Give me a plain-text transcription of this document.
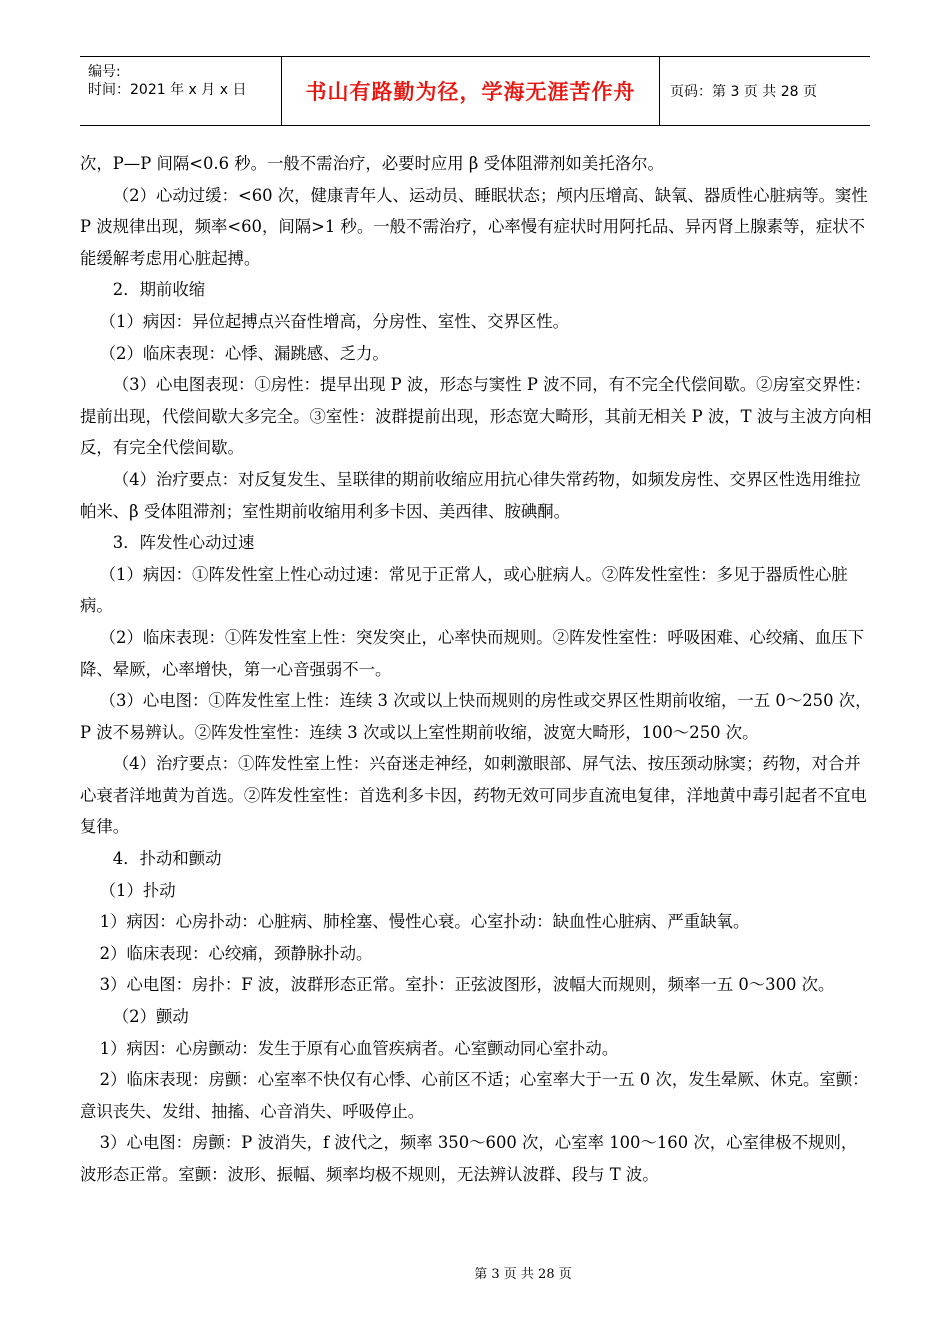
编号:
时间：2021 年 x 月 x 日	书山有路勤为径，学海无涯苦作舟	页码：第 3 页 共 28 页

次，P—P 间隔<0.6 秒。一般不需治疗，必要时应用 β 受体阻滞剂如美托洛尔。

（2）心动过缓：<60 次，健康青年人、运动员、睡眠状态；颅内压增高、缺氧、器质性心脏病等。窦性 P 波规律出现，频率<60，间隔>1 秒。一般不需治疗，心率慢有症状时用阿托品、异丙肾上腺素等，症状不能缓解考虑用心脏起搏。

2．期前收缩

（1）病因：异位起搏点兴奋性增高，分房性、室性、交界区性。

（2）临床表现：心悸、漏跳感、乏力。

（3）心电图表现：①房性：提早出现 P 波，形态与窦性 P 波不同，有不完全代偿间歇。②房室交界性：提前出现，代偿间歇大多完全。③室性：波群提前出现，形态宽大畸形，其前无相关 P 波，T 波与主波方向相反，有完全代偿间歇。

（4）治疗要点：对反复发生、呈联律的期前收缩应用抗心律失常药物，如频发房性、交界区性选用维拉帕米、β 受体阻滞剂；室性期前收缩用利多卡因、美西律、胺碘酮。

3．阵发性心动过速

（1）病因：①阵发性室上性心动过速：常见于正常人，或心脏病人。②阵发性室性：多见于器质性心脏病。

（2）临床表现：①阵发性室上性：突发突止，心率快而规则。②阵发性室性：呼吸困难、心绞痛、血压下降、晕厥，心率增快，第一心音强弱不一。

（3）心电图：①阵发性室上性：连续 3 次或以上快而规则的房性或交界区性期前收缩，一五 0～250 次，P 波不易辨认。②阵发性室性：连续 3 次或以上室性期前收缩，波宽大畸形，100～250 次。

（4）治疗要点：①阵发性室上性：兴奋迷走神经，如刺激眼部、屏气法、按压颈动脉窦；药物，对合并心衰者洋地黄为首选。②阵发性室性：首选利多卡因，药物无效可同步直流电复律，洋地黄中毒引起者不宜电复律。

4．扑动和颤动

（1）扑动

1）病因：心房扑动：心脏病、肺栓塞、慢性心衰。心室扑动：缺血性心脏病、严重缺氧。

2）临床表现：心绞痛，颈静脉扑动。

3）心电图：房扑：F 波，波群形态正常。室扑：正弦波图形，波幅大而规则，频率一五 0～300 次。

（2）颤动

1）病因：心房颤动：发生于原有心血管疾病者。心室颤动同心室扑动。

2）临床表现：房颤：心室率不快仅有心悸、心前区不适；心室率大于一五 0 次，发生晕厥、休克。室颤：意识丧失、发绀、抽搐、心音消失、呼吸停止。

3）心电图：房颤：P 波消失，f 波代之，频率 350～600 次，心室率 100～160 次，心室律极不规则，波形态正常。室颤：波形、振幅、频率均极不规则，无法辨认波群、段与 T 波。

第 3 页 共 28 页
